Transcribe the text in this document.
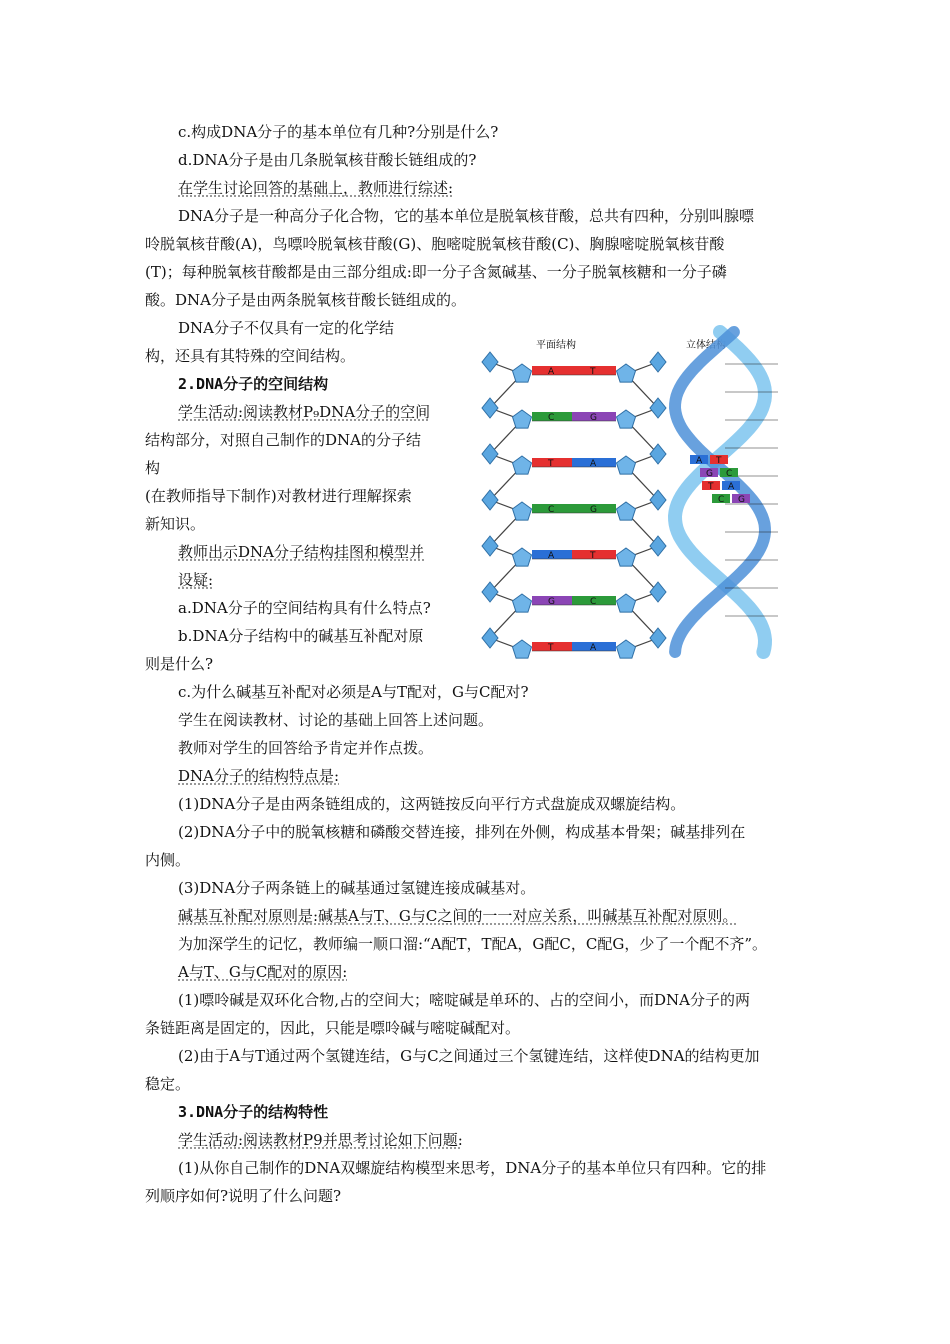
c.构成DNA分子的基本单位有几种?分别是什么?
d.DNA分子是由几条脱氧核苷酸长链组成的?
在学生讨论回答的基础上，教师进行综述:
DNA分子是一种高分子化合物，它的基本单位是脱氧核苷酸，总共有四种，分别叫腺嘌
呤脱氧核苷酸(A)，鸟嘌呤脱氧核苷酸(G)、胞嘧啶脱氧核苷酸(C)、胸腺嘧啶脱氧核苷酸
(T)；每种脱氧核苷酸都是由三部分组成:即一分子含氮碱基、一分子脱氧核糖和一分子磷
酸。DNA分子是由两条脱氧核苷酸长链组成的。
DNA分子不仅具有一定的化学结
构，还具有其特殊的空间结构。
2.DNA分子的空间结构
学生活动:阅读教材P₉DNA分子的空间
结构部分，对照自己制作的DNA的分子结
构
(在教师指导下制作)对教材进行理解探索
新知识。
教师出示DNA分子结构挂图和模型并
设疑:
a.DNA分子的空间结构具有什么特点?
b.DNA分子结构中的碱基互补配对原
则是什么?
c.为什么碱基互补配对必须是A与T配对，G与C配对?
学生在阅读教材、讨论的基础上回答上述问题。
教师对学生的回答给予肯定并作点拨。
DNA分子的结构特点是:
(1)DNA分子是由两条链组成的，这两链按反向平行方式盘旋成双螺旋结构。
(2)DNA分子中的脱氧核糖和磷酸交替连接，排列在外侧，构成基本骨架；碱基排列在
内侧。
(3)DNA分子两条链上的碱基通过氢键连接成碱基对。
碱基互补配对原则是:碱基A与T、G与C之间的一一对应关系，叫碱基互补配对原则。
为加深学生的记忆，教师编一顺口溜:“A配T，T配A，G配C，C配G，少了一个配不齐”。
A与T、G与C配对的原因:
(1)嘌呤碱是双环化合物,占的空间大；嘧啶碱是单环的、占的空间小，而DNA分子的两
条链距离是固定的，因此，只能是嘌呤碱与嘧啶碱配对。
(2)由于A与T通过两个氢键连结，G与C之间通过三个氢键连结，这样使DNA的结构更加
稳定。
3.DNA分子的结构特性
学生活动:阅读教材P9并思考讨论如下问题:
(1)从你自己制作的DNA双螺旋结构模型来思考，DNA分子的基本单位只有四种。它的排
列顺序如何?说明了什么问题?
平面结构	立体结构
A	T
C	G
T	A
C	G
A	T
G	C
T	A
A T
G C
T A
C G
